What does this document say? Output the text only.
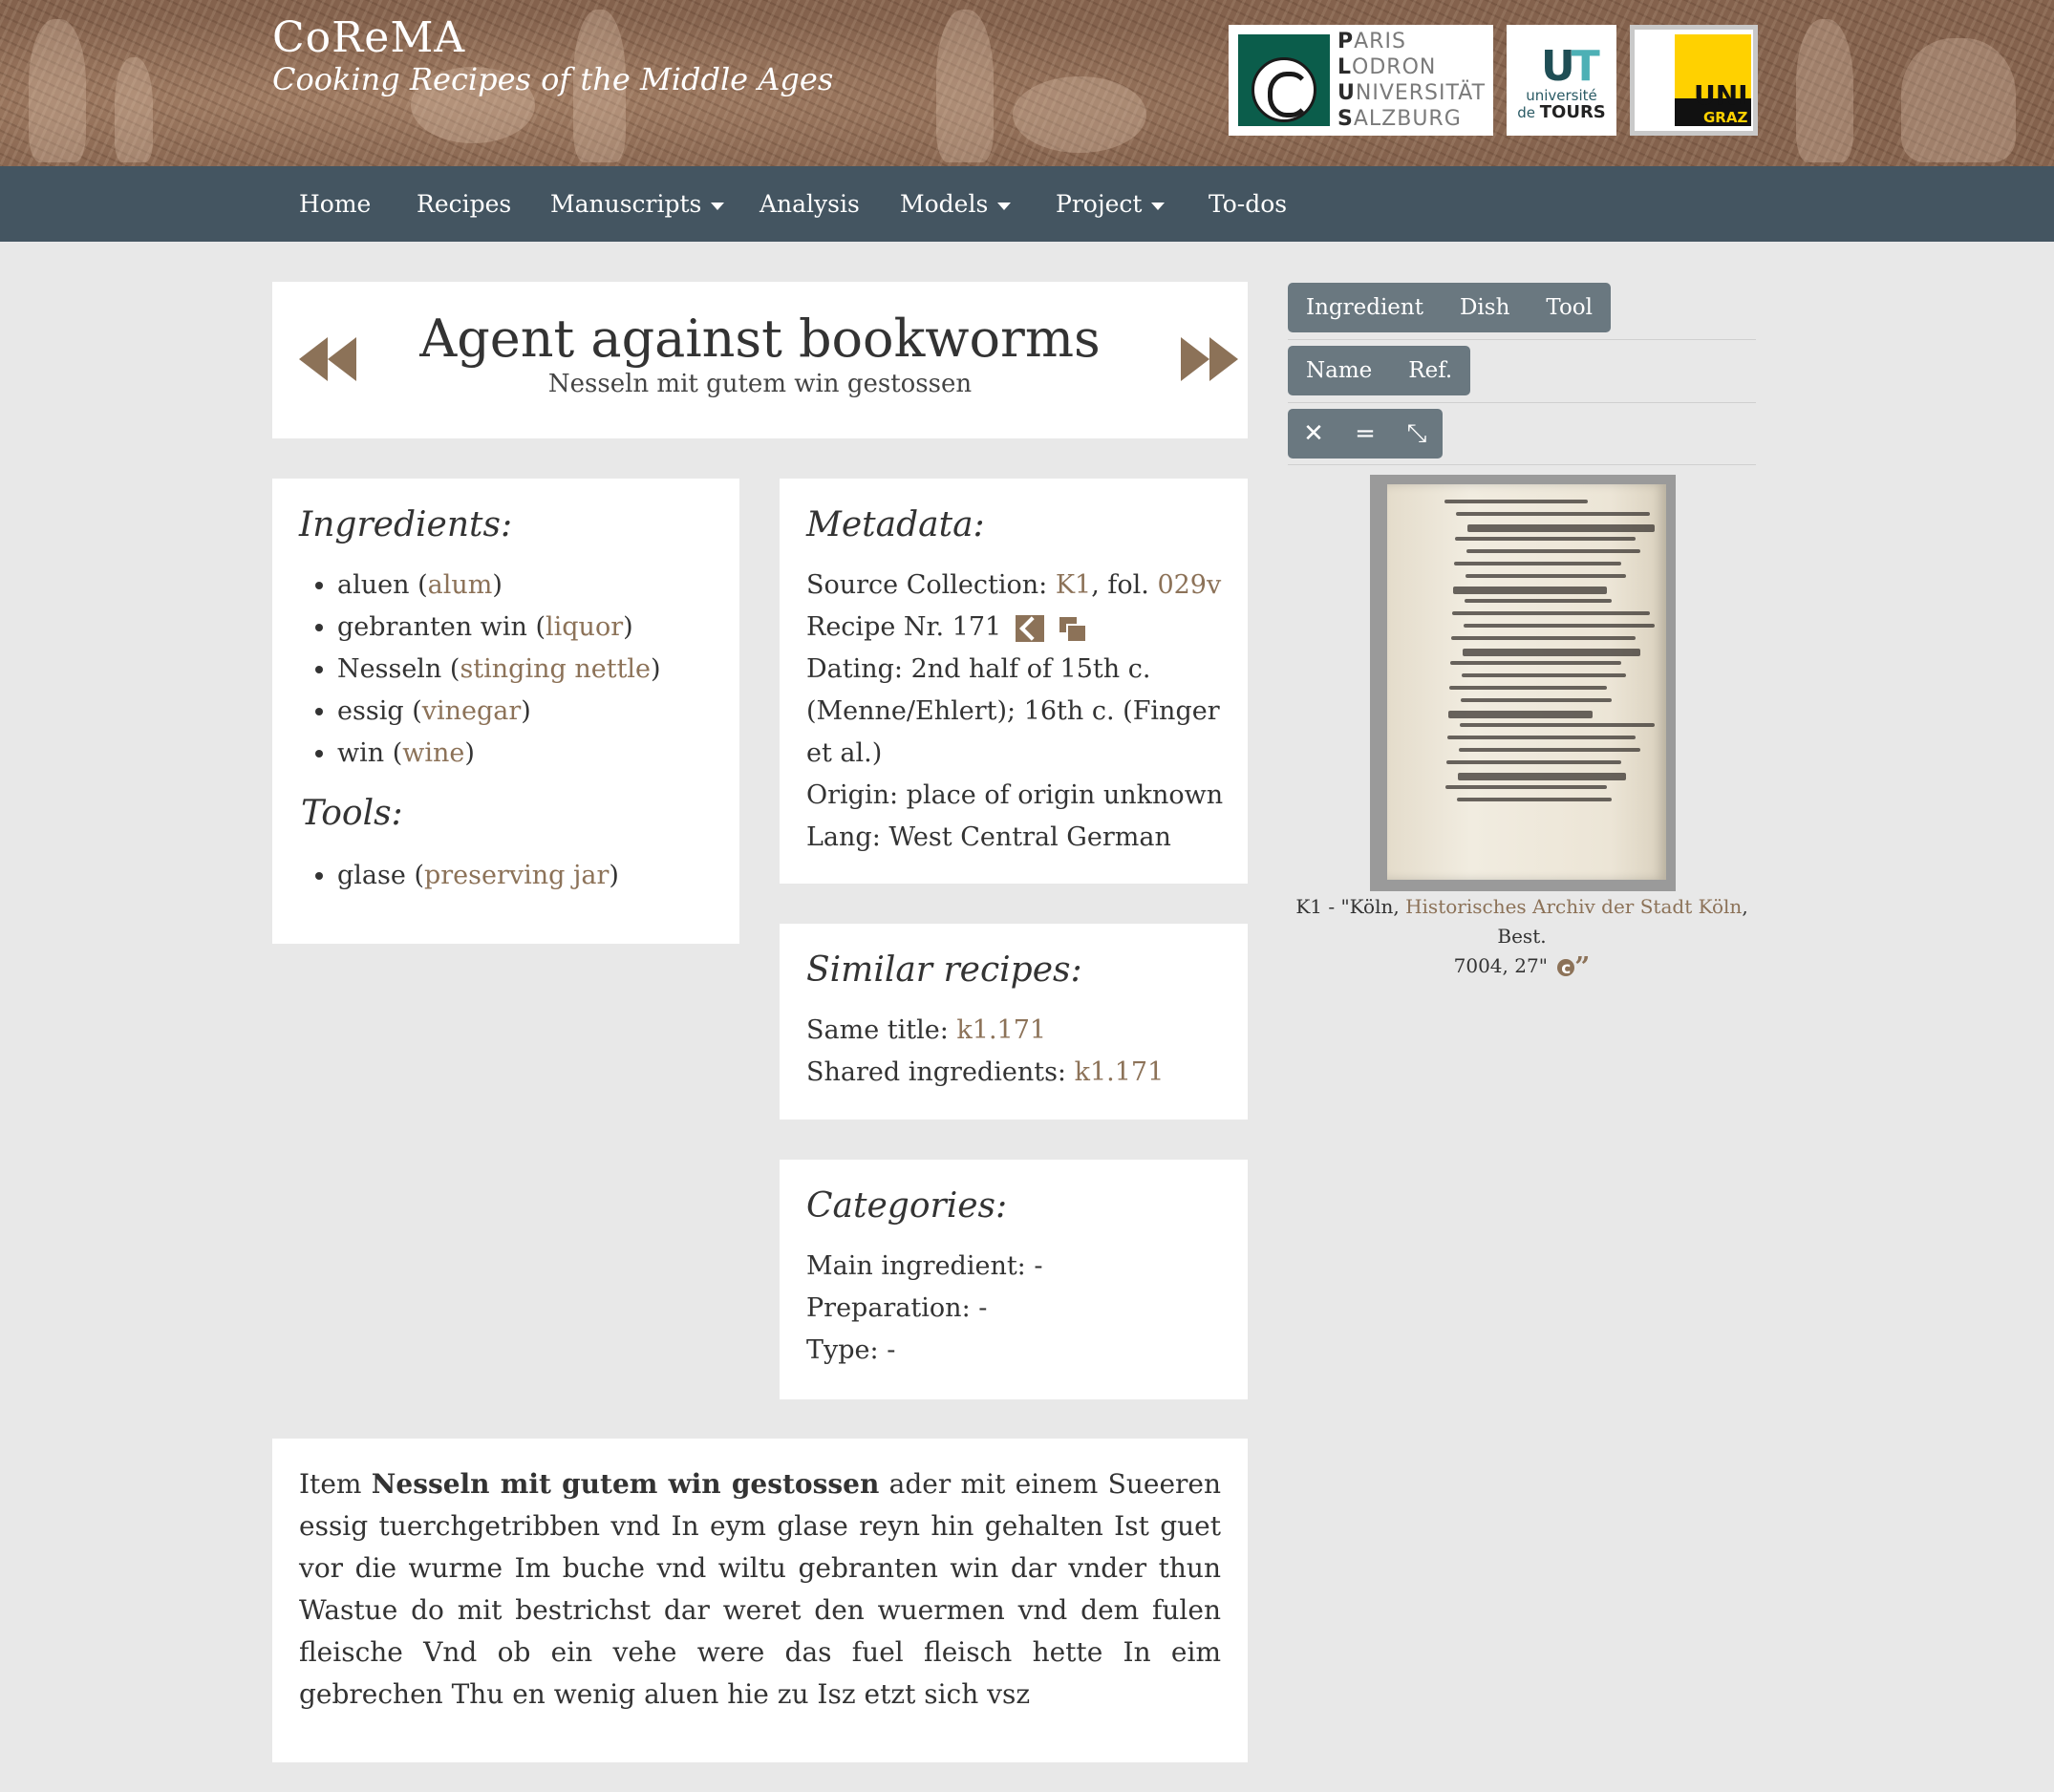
CoReMA
Cooking Recipes of the Middle Ages
PARIS
LODRON
UNIVERSITÄT
SALZBURG
UT
université
de TOURS
UNI
GRAZ
Home Recipes Manuscripts	Analysis Models	Project	To-dos
Agent against bookworms
Nesseln mit gutem win gestossen
Ingredients:
• aluen (alum)
• gebranten win (liquor)
• Nesseln (stinging nettle)
• essig (vinegar)
• win (wine)
Tools:
• glase (preserving jar)
Metadata:
Source Collection: K1, fol. 029v
Recipe Nr. 171
Dating: 2nd half of 15th c.
(Menne/Ehlert); 16th c. (Finger
et al.)
Origin: place of origin unknown
Lang: West Central German
Similar recipes:
Same title: k1.171
Shared ingredients: k1.171
Categories:
Main ingredient: -
Preparation: -
Type: -
Item Nesseln mit gutem win gestossen ader mit einem Sueeren essig tuerchgetribben vnd In eym glase reyn hin gehalten Ist guet vor die wurme Im buche vnd wiltu gebranten win dar vnder thun Wastue do mit bestrichst dar weret den wuermen vnd dem fulen fleische Vnd ob ein vehe were das fuel fleisch hette In eim gebrechen Thu en wenig aluen hie zu Isz etzt sich vsz
Ingredient	Dish	Tool
Name	Ref.
✕	=	⤡
K1 - "Köln, Historisches Archiv der Stadt Köln, Best.
7004, 27" c ”
